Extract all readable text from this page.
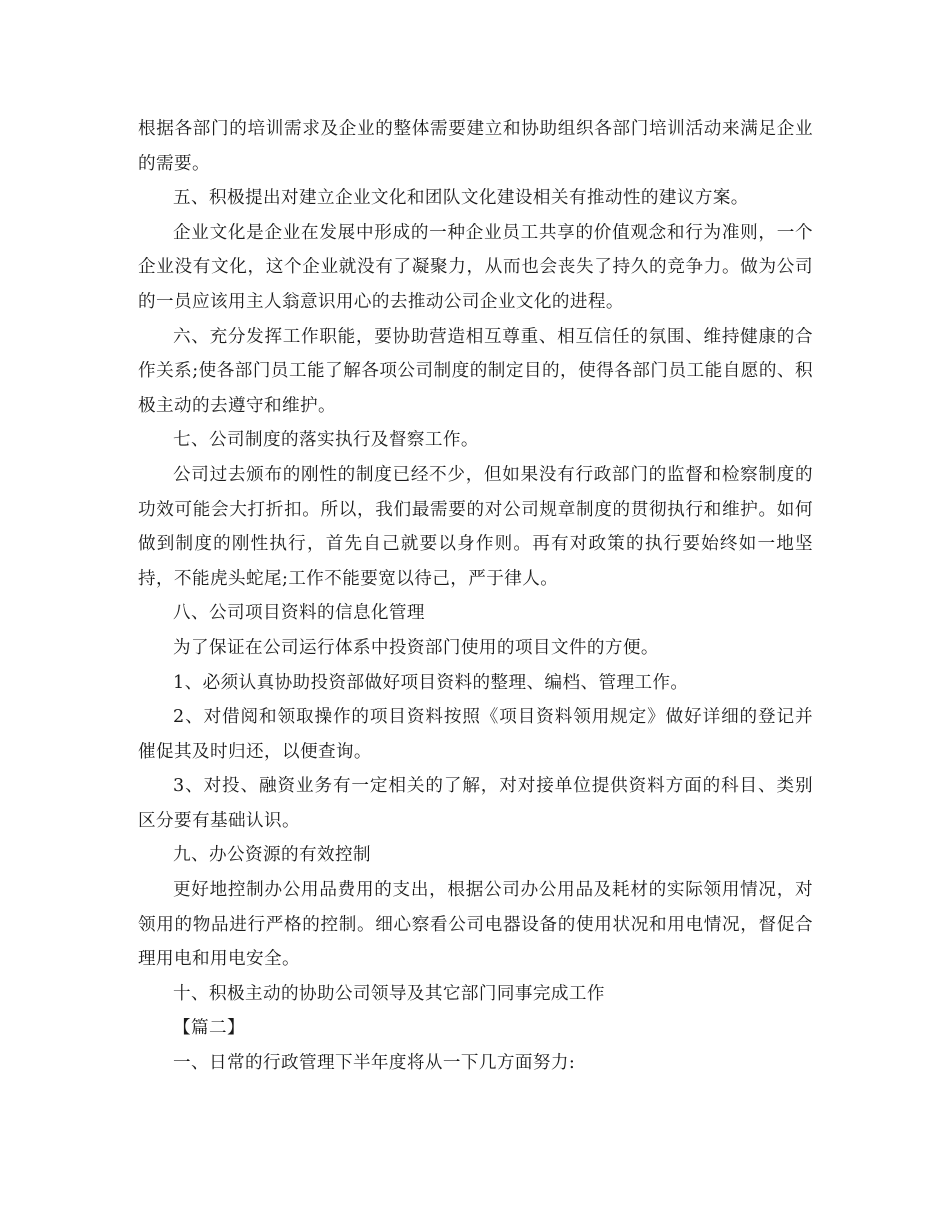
根据各部门的培训需求及企业的整体需要建立和协助组织各部门培训活动来满足企业的需要。

五、积极提出对建立企业文化和团队文化建设相关有推动性的建议方案。

企业文化是企业在发展中形成的一种企业员工共享的价值观念和行为准则，一个企业没有文化，这个企业就没有了凝聚力，从而也会丧失了持久的竞争力。做为公司的一员应该用主人翁意识用心的去推动公司企业文化的进程。

六、充分发挥工作职能，要协助营造相互尊重、相互信任的氛围、维持健康的合作关系;使各部门员工能了解各项公司制度的制定目的，使得各部门员工能自愿的、积极主动的去遵守和维护。

七、公司制度的落实执行及督察工作。

公司过去颁布的刚性的制度已经不少，但如果没有行政部门的监督和检察制度的功效可能会大打折扣。所以，我们最需要的对公司规章制度的贯彻执行和维护。如何做到制度的刚性执行，首先自己就要以身作则。再有对政策的执行要始终如一地坚持，不能虎头蛇尾;工作不能要宽以待己，严于律人。

八、公司项目资料的信息化管理

为了保证在公司运行体系中投资部门使用的项目文件的方便。

1、必须认真协助投资部做好项目资料的整理、编档、管理工作。

2、对借阅和领取操作的项目资料按照《项目资料领用规定》做好详细的登记并催促其及时归还，以便查询。

3、对投、融资业务有一定相关的了解，对对接单位提供资料方面的科目、类别区分要有基础认识。

九、办公资源的有效控制

更好地控制办公用品费用的支出，根据公司办公用品及耗材的实际领用情况，对领用的物品进行严格的控制。细心察看公司电器设备的使用状况和用电情况，督促合理用电和用电安全。

十、积极主动的协助公司领导及其它部门同事完成工作

【篇二】

一、日常的行政管理下半年度将从一下几方面努力:
